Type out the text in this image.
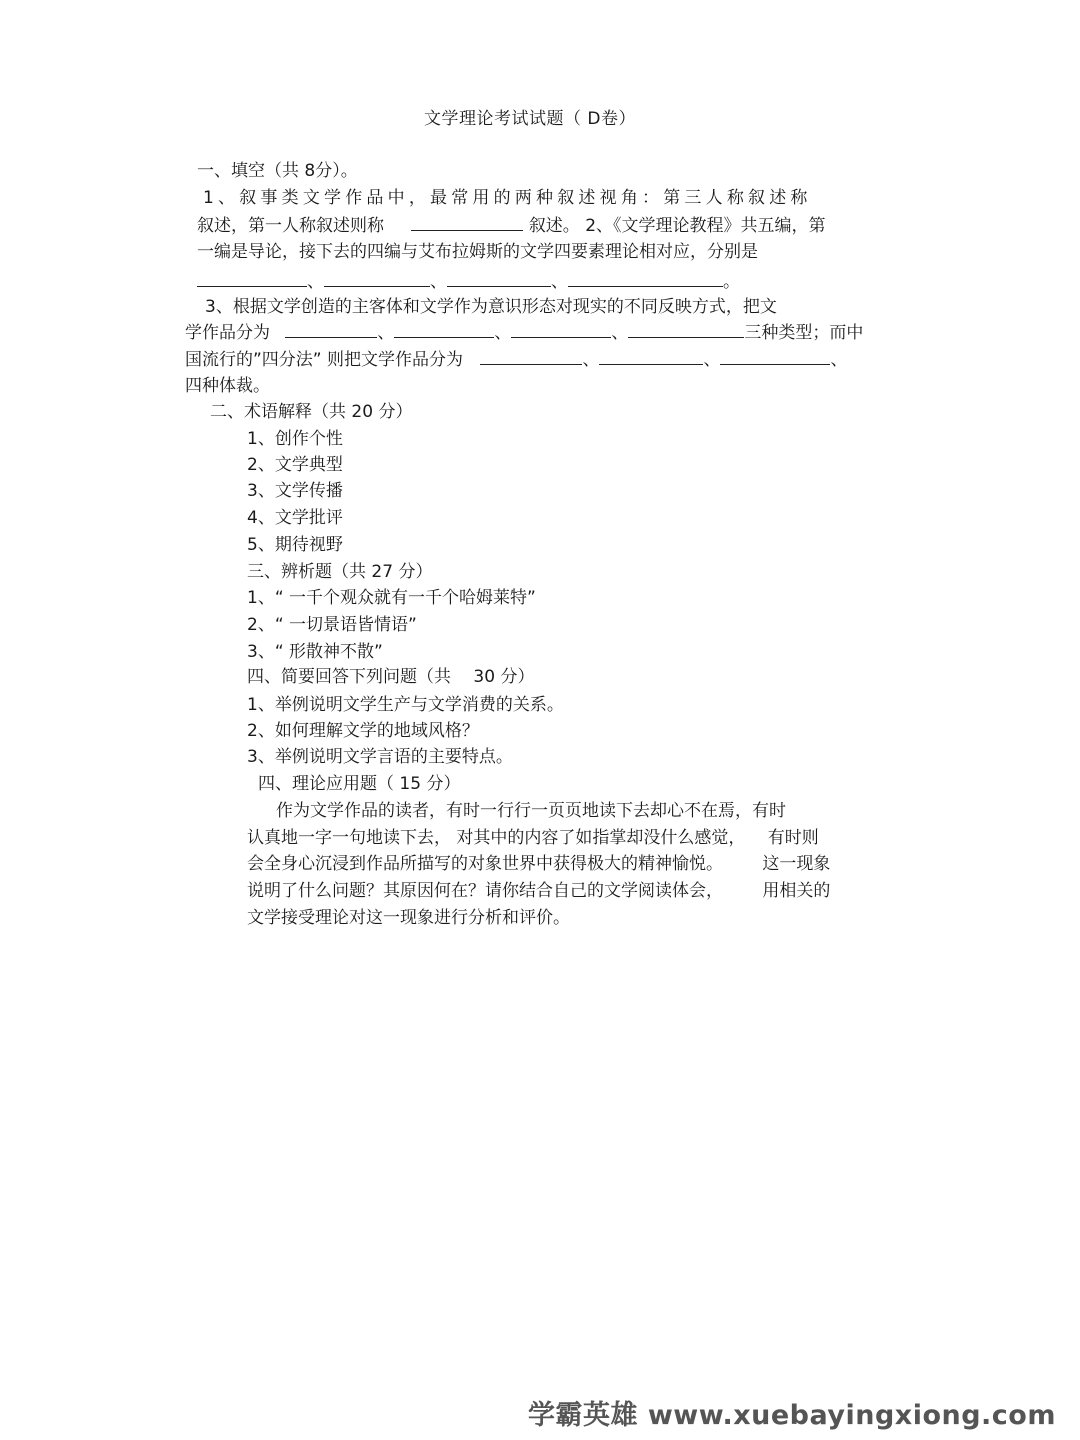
文学理论考试试题（ D卷）
一、填空（共 8分）。
1、叙事类文学作品中，最常用的两种叙述视角：第三人称叙述称
叙述，第一人称叙述则称	叙述。 2、《文学理论教程》共五编，第
一编是导论，接下去的四编与艾布拉姆斯的文学四要素理论相对应，分别是
、	、	、	。
3、根据文学创造的主客体和文学作为意识形态对现实的不同反映方式，把文
学作品分为	、	、	、	三种类型；而中
国流行的”四分法” 则把文学作品分为	、	、	、
四种体裁。
二、术语解释（共 20 分）
1、创作个性
2、文学典型
3、文学传播
4、文学批评
5、期待视野
三、辨析题（共 27 分）
1、“ 一千个观众就有一千个哈姆莱特”
2、“ 一切景语皆情语”
3、“ 形散神不散”
四、简要回答下列问题（共 　30 分）
1、举例说明文学生产与文学消费的关系。
2、如何理解文学的地域风格？
3、举例说明文学言语的主要特点。
四、理论应用题（ 15 分）
作为文学作品的读者，有时一行行一页页地读下去却心不在焉，有时
认真地一字一句地读下去， 对其中的内容了如指掌却没什么感觉， 　有时则
会全身心沉浸到作品所描写的对象世界中获得极大的精神愉悦。 　　这一现象
说明了什么问题？其原因何在？请你结合自己的文学阅读体会， 　　用相关的
文学接受理论对这一现象进行分析和评价。
学霸英雄 www.xuebayingxiong.com
